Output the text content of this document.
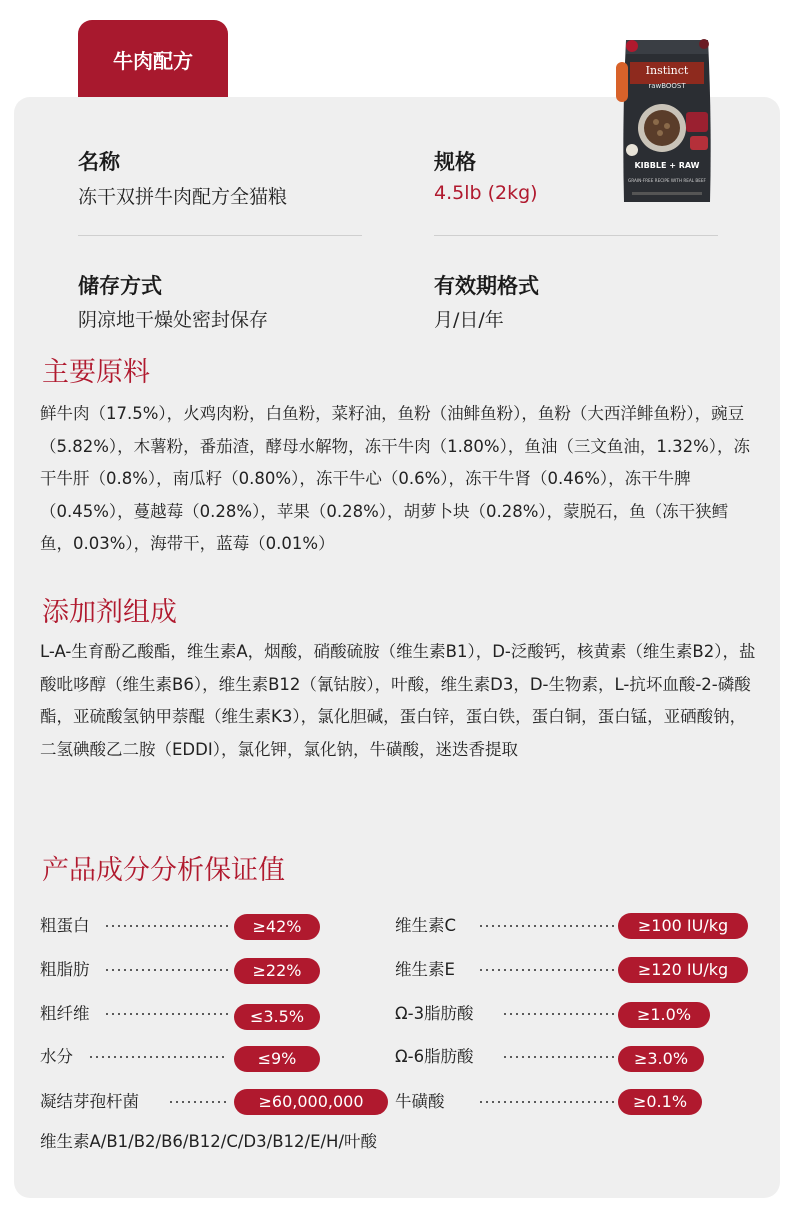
牛肉配方
名称
冻干双拼牛肉配方全猫粮
规格
4.5lb (2kg)
储存方式
阴凉地干燥处密封保存
有效期格式
月/日/年
Instinct
rawBOOST
KIBBLE + RAW
GRAIN-FREE RECIPE WITH REAL BEEF
主要原料
鲜牛肉（17.5%），火鸡肉粉，白鱼粉，菜籽油，鱼粉（油鲱鱼粉），鱼粉（大西洋鲱鱼粉），豌豆（5.82%），木薯粉，番茄渣，酵母水解物，冻干牛肉（1.80%），鱼油（三文鱼油，1.32%），冻干牛肝（0.8%），南瓜籽（0.80%），冻干牛心（0.6%），冻干牛肾（0.46%），冻干牛脾（0.45%），蔓越莓（0.28%），苹果（0.28%），胡萝卜块（0.28%），蒙脱石，鱼（冻干狭鳕鱼，0.03%），海带干，蓝莓（0.01%）
添加剂组成
L-A-生育酚乙酸酯，维生素A，烟酸，硝酸硫胺（维生素B1），D-泛酸钙，核黄素（维生素B2），盐酸吡哆醇（维生素B6），维生素B12（氰钴胺），叶酸，维生素D3，D-生物素，L-抗坏血酸-2-磷酸酯，亚硫酸氢钠甲萘醌（维生素K3），氯化胆碱，蛋白锌，蛋白铁，蛋白铜，蛋白锰，亚硒酸钠，二氢碘酸乙二胺（EDDI），氯化钾，氯化钠，牛磺酸，迷迭香提取
产品成分分析保证值
粗蛋白	≥42%
粗脂肪	≥22%
粗纤维	≤3.5%
水分	≤9%
凝结芽孢杆菌	≥60,000,000
维生素C	≥100 IU/kg
维生素E	≥120 IU/kg
Ω-3脂肪酸	≥1.0%
Ω-6脂肪酸	≥3.0%
牛磺酸	≥0.1%
维生素A/B1/B2/B6/B12/C/D3/B12/E/H/叶酸
